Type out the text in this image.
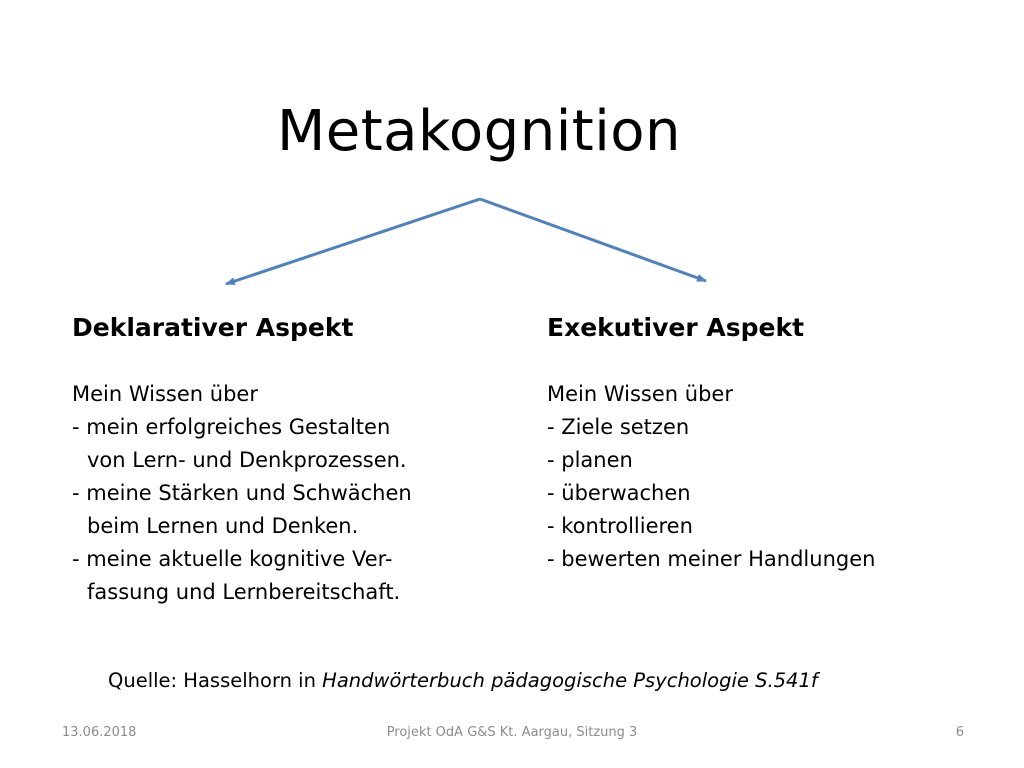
Metakognition
Deklarativer Aspekt
Mein Wissen über
- mein erfolgreiches Gestalten
von Lern- und Denkprozessen.
- meine Stärken und Schwächen
beim Lernen und Denken.
- meine aktuelle kognitive Ver-
fassung und Lernbereitschaft.
Exekutiver Aspekt
Mein Wissen über
- Ziele setzen
- planen
- überwachen
- kontrollieren
- bewerten meiner Handlungen
Quelle: Hasselhorn in Handwörterbuch pädagogische Psychologie S.541f
13.06.2018	Projekt OdA G&S Kt. Aargau, Sitzung 3	6
